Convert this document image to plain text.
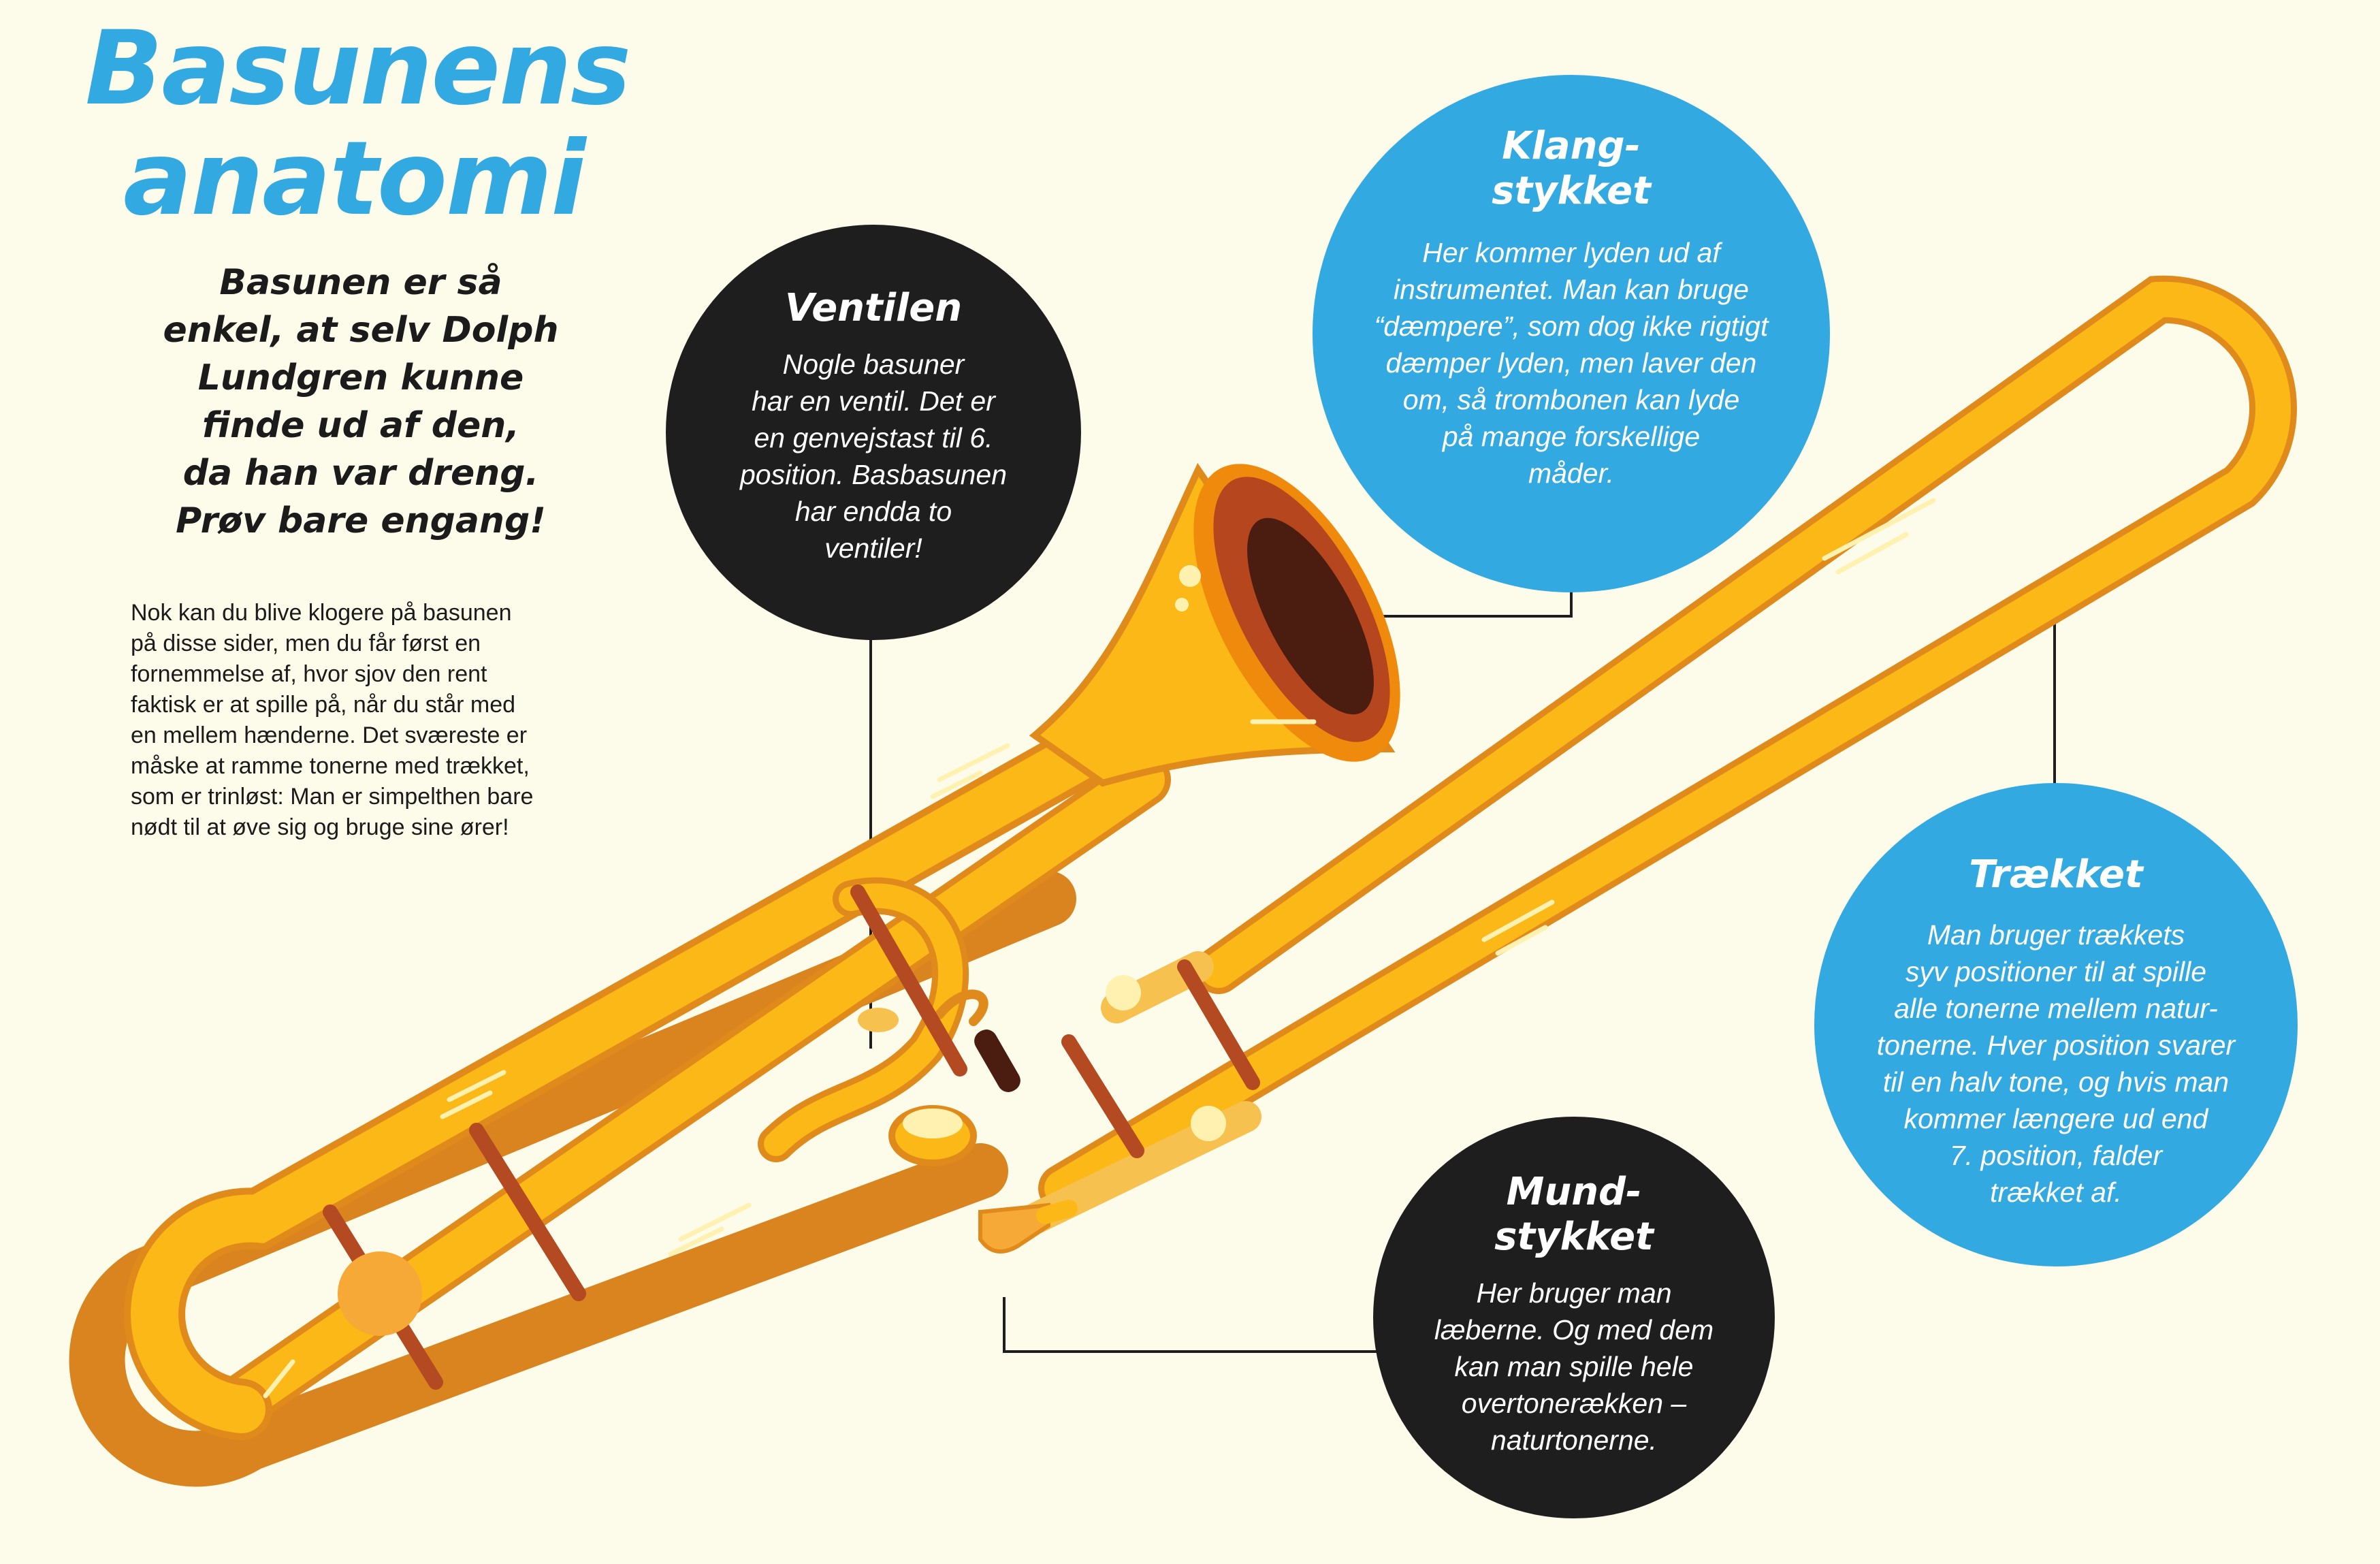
Basunens
anatomi

Basunen er så
enkel, at selv Dolph
Lundgren kunne
finde ud af den,
da han var dreng.
Prøv bare engang!

Nok kan du blive klogere på basunen
på disse sider, men du får først en
fornemmelse af, hvor sjov den rent
faktisk er at spille på, når du står med
en mellem hænderne. Det sværeste er
måske at ramme tonerne med trækket,
som er trinløst: Man er simpelthen bare
nødt til at øve sig og bruge sine ører!
Ventilen

Nogle basuner
har en ventil. Det er
en genvejstast til 6.
position. Basbasunen
har endda to
ventiler!

Klang-
stykket

Her kommer lyden ud af
instrumentet. Man kan bruge
“dæmpere”, som dog ikke rigtigt
dæmper lyden, men laver den
om, så trombonen kan lyde
på mange forskellige
måder.

Trækket

Man bruger trækkets
syv positioner til at spille
alle tonerne mellem natur-
tonerne. Hver position svarer
til en halv tone, og hvis man
kommer længere ud end
7. position, falder
trækket af.

Mund-
stykket

Her bruger man
læberne. Og med dem
kan man spille hele
overtonerækken –
naturtonerne.
